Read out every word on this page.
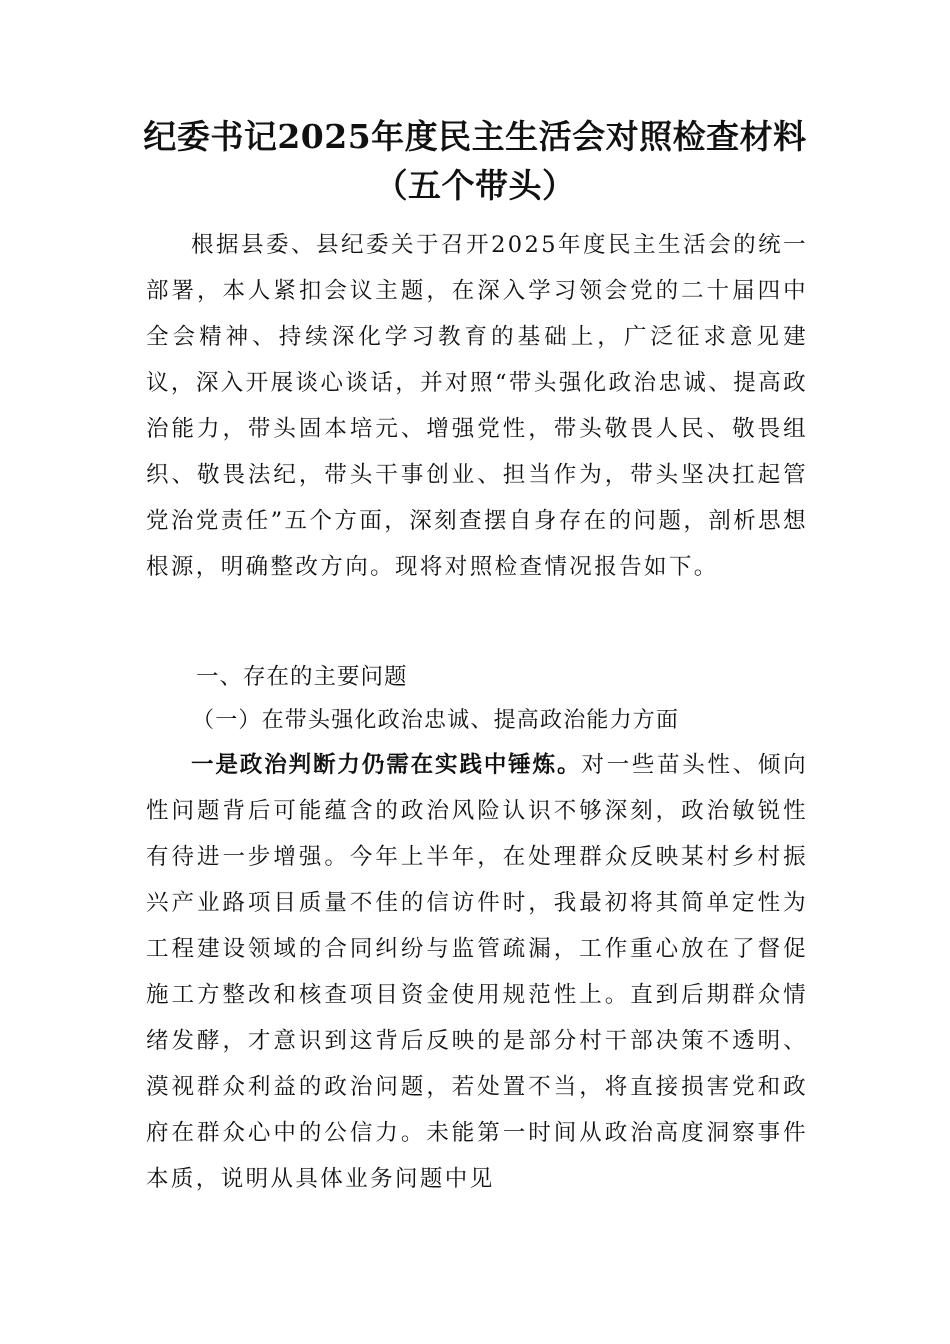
纪委书记2025年度民主生活会对照检查材料（五个带头）

根据县委、县纪委关于召开2025年度民主生活会的统一部署，本人紧扣会议主题，在深入学习领会党的二十届四中全会精神、持续深化学习教育的基础上，广泛征求意见建议，深入开展谈心谈话，并对照“带头强化政治忠诚、提高政治能力，带头固本培元、增强党性，带头敬畏人民、敬畏组织、敬畏法纪，带头干事创业、担当作为，带头坚决扛起管党治党责任”五个方面，深刻查摆自身存在的问题，剖析思想根源，明确整改方向。现将对照检查情况报告如下。

一、存在的主要问题
（一）在带头强化政治忠诚、提高政治能力方面

一是政治判断力仍需在实践中锤炼。对一些苗头性、倾向性问题背后可能蕴含的政治风险认识不够深刻，政治敏锐性有待进一步增强。今年上半年，在处理群众反映某村乡村振兴产业路项目质量不佳的信访件时，我最初将其简单定性为工程建设领域的合同纠纷与监管疏漏，工作重心放在了督促施工方整改和核查项目资金使用规范性上。直到后期群众情绪发酵，才意识到这背后反映的是部分村干部决策不透明、漠视群众利益的政治问题，若处置不当，将直接损害党和政府在群众心中的公信力。未能第一时间从政治高度洞察事件本质，说明从具体业务问题中见
